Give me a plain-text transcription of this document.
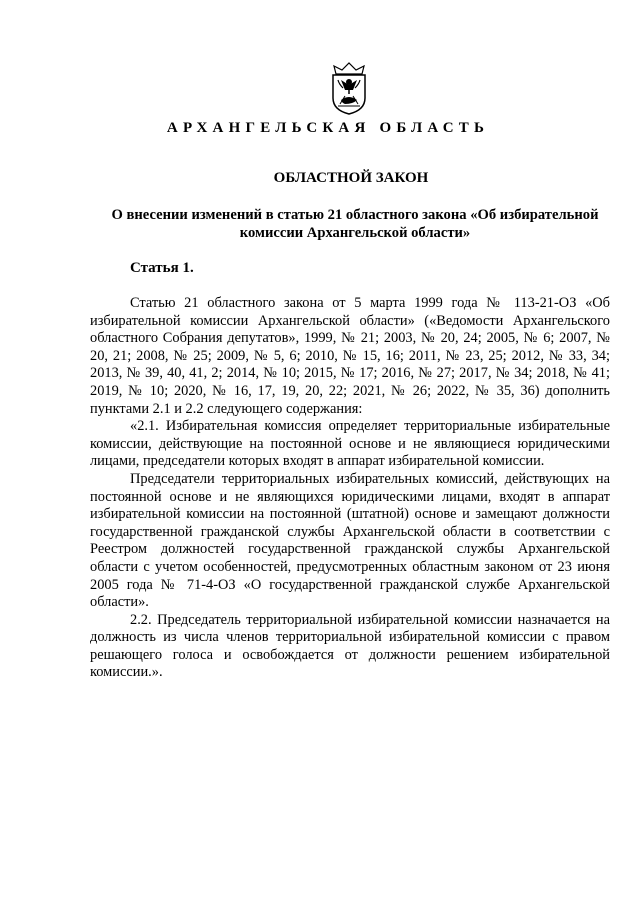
АРХАНГЕЛЬСКАЯ ОБЛАСТЬ
ОБЛАСТНОЙ ЗАКОН
О внесении изменений в статью 21 областного закона «Об избирательной комиссии Архангельской области»
Статья 1.

Статью 21 областного закона от 5 марта 1999 года № 113-21-ОЗ «Об избирательной комиссии Архангельской области» («Ведомости Архангельского областного Собрания депутатов», 1999, № 21; 2003, № 20, 24; 2005, № 6; 2007, № 20, 21; 2008, № 25; 2009, № 5, 6; 2010, № 15, 16; 2011, № 23, 25; 2012, № 33, 34; 2013, № 39, 40, 41, 2; 2014, № 10; 2015, № 17; 2016, № 27; 2017, № 34; 2018, № 41; 2019, № 10; 2020, № 16, 17, 19, 20, 22; 2021, № 26; 2022, № 35, 36) дополнить пунктами 2.1 и 2.2 следующего содержания:

«2.1. Избирательная комиссия определяет территориальные избирательные комиссии, действующие на постоянной основе и не являющиеся юридическими лицами, председатели которых входят в аппарат избирательной комиссии.

Председатели территориальных избирательных комиссий, действующих на постоянной основе и не являющихся юридическими лицами, входят в аппарат избирательной комиссии на постоянной (штатной) основе и замещают должности государственной гражданской службы Архангельской области в соответствии с Реестром должностей государственной гражданской службы Архангельской области с учетом особенностей, предусмотренных областным законом от 23 июня 2005 года № 71-4-ОЗ «О государственной гражданской службе Архангельской области».

2.2. Председатель территориальной избирательной комиссии назначается на должность из числа членов территориальной избирательной комиссии с правом решающего голоса и освобождается от должности решением избирательной комиссии.».
